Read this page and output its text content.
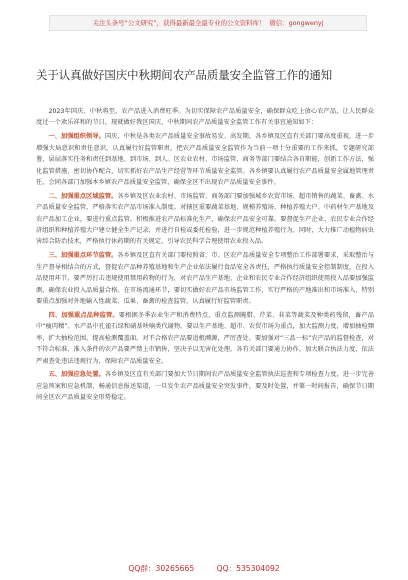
关注头条号“公文研究”，获得最新最全最专业的公文资料库！ 微信：gongwenyj
关于认真做好国庆中秋期间农产品质量安全监管工作的通知

2023年国庆、中秋将至，农产品进入消费旺季。为切实保障农产品质量安全，确保群众吃上放心农产品，让人民群众度过一个欢乐祥和的节日，现就做好我区国庆、中秋期间农产品质量安全监管工作有关事宜通知如下：

一、加强组织领导。国庆、中秋是各类农产品质量安全事故易发、高发期，各乡镇及区直有关部门要高度重视，进一步增强大局意识和责任意识，认真履行好监管职责，把农产品质量安全监管作为当前一项十分重要的工作来抓，专题研究部署，层层落实任务和责任到基地、到市场、到人。区农业农村、市场监管、商务等部门要结合各自职能，创新工作方法，强化监管措施，密切协作配合，切实抓好农产品生产经营等环节质量安全监管。各乡镇要认真履行农产品质量安全属地管理责任，会同各部门加强本乡镇农产品质量安全监管，确保全区不出现农产品质量安全事件。

二、加强重点区域监管。各乡镇及区农业农村、市场监管、商务部门要加强城乡农贸市场、超市销售的蔬菜、畜禽、水产品质量安全监管，严格落实农产品市场准入制度。对辖区重要蔬菜基地、规模养殖场、种植养殖大户、中药材生产基地及农产品加工企业，要进行重点监管。积极推进农产品标准化生产，确保农产品安全可靠。要督促生产企业、农民专业合作经济组织和种植养殖大户建立健全生产记录，并进行自检或委托检验，进一步规范种植养殖行为。同时，大力推广动植物病虫害综合防治技术，严格执行休药期的有关规定，引导农民科学合理使用农业投入品。

三、加强重点环节监管。各乡镇及区直有关部门要按照省、市、区农产品质量安全专项整治工作部署要求，采取整治与生产督导相结合的方式，督促农产品种养殖基地和生产企业依法履行食品安全各责任，严格执行质量安全控制制度，在投入品使用环节，要严厉打击违规使用禁用药物的行为，对农产品生产基地、企业和农民专业合作经济组织使用投入品要加强监测，确保农业投入品质量合格。在市场流通环节，要切实做好农产品市场监管工作，实行严格的产地准出和市场准入，特别要重点加强对外地输入性蔬菜、瓜果、畜禽的检查监管，认真履行好监管职责。

四、加强重点品种监管。要根据冬季农业生产和消费特点，重点监测腌腊、芹菜、韭菜等蔬菜及种类药残留，畜产品中“瘦肉精”、水产品中孔雀石绿和硝基呋喃类代谢物。要以生产基地、超市、农贸市场为重点，加大监测力度，增加抽检频率，扩大抽检范围，提高检测覆盖面。对不合格农产品要追根溯源，严厉查处。要加强对“三品一标”农产品的监督检查，对不符合标准、准入条件的农产品要严禁上市销售，坚决予以无害化处理。各有关部门要通力协作，加大联合执法力度，依法严肃查处违法违规行为，保障农产品质量安全。

五、加强应急处置。各乡镇及区直有关部门要加大节日期间农产品质量安全监管执法巡查和专项检查力度，进一步完善应急预案和应急机制，畅通信息报送渠道，一旦发生农产品质量安全突发事件，要及时处置，并第一时间报告，确保节日期间全区农产品质量安全形势稳定。

QQ群：30265665	QQ：535304092
